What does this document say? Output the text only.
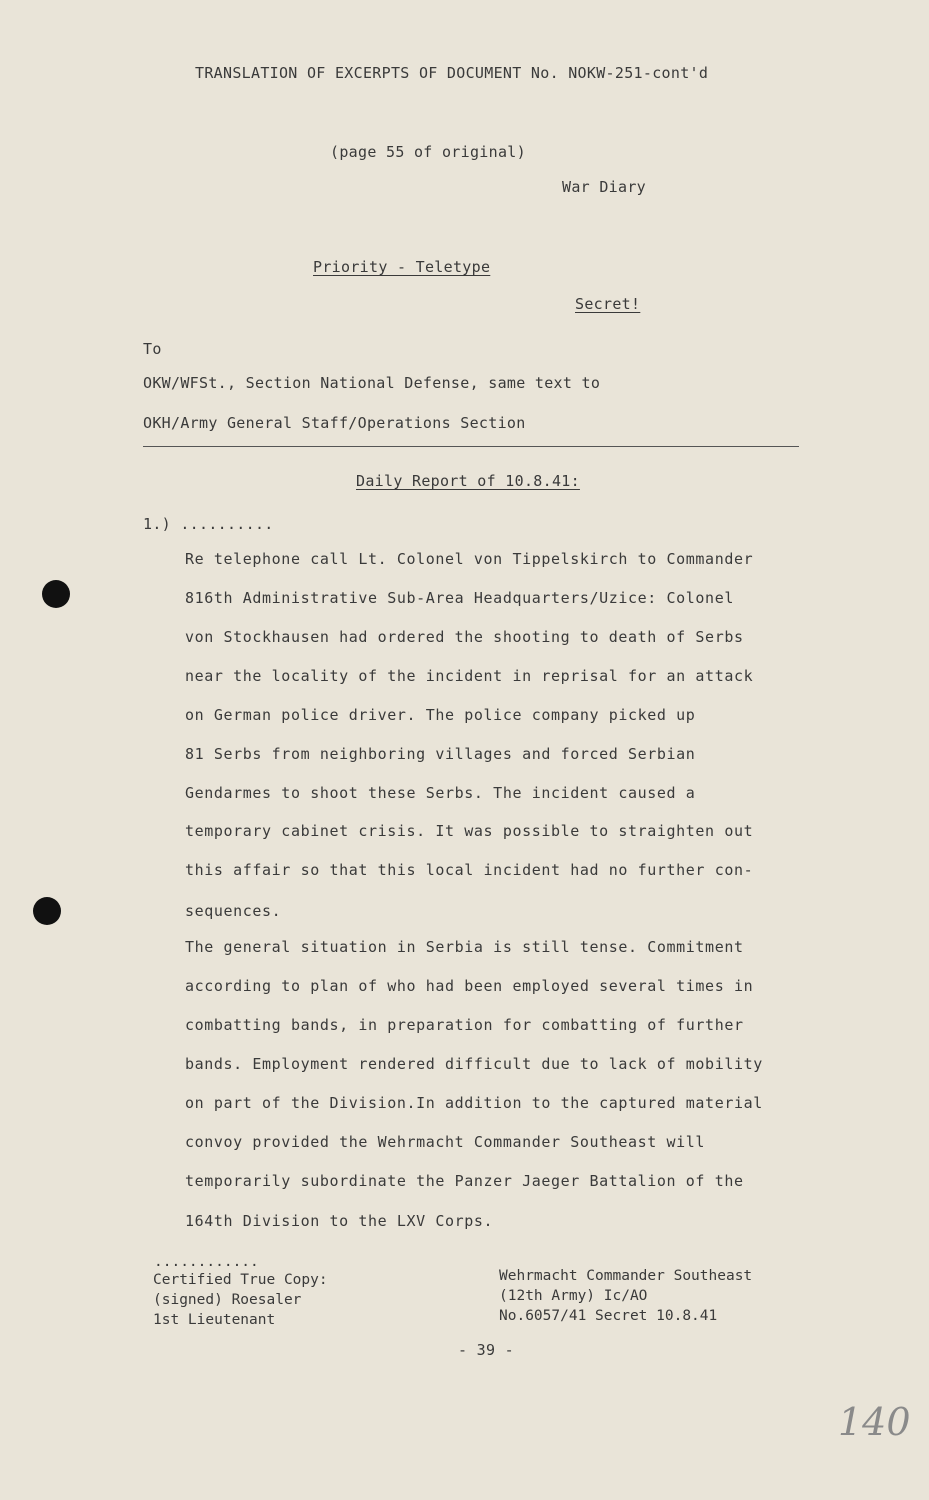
TRANSLATION OF EXCERPTS OF DOCUMENT No. NOKW-251-cont'd
(page 55 of original)
War Diary
Priority - Teletype
Secret!
To
OKW/WFSt., Section National Defense, same text to
OKH/Army General Staff/Operations Section
Daily Report of 10.8.41:
1.) ..........
Re telephone call Lt. Colonel von Tippelskirch to Commander
816th Administrative Sub-Area Headquarters/Uzice: Colonel
von Stockhausen had ordered the shooting to death of Serbs
near the locality of the incident in reprisal for an attack
on German police driver. The police company picked up
81 Serbs from neighboring villages and forced Serbian
Gendarmes to shoot these Serbs. The incident caused a
temporary cabinet crisis. It was possible to straighten out
this affair so that this local incident had no further con-
sequences.
The general situation in Serbia is still tense. Commitment
according to plan of who had been employed several times in
combatting bands, in preparation for combatting of further
bands. Employment rendered difficult due to lack of mobility
on part of the Division.In addition to the captured material
convoy provided the Wehrmacht Commander Southeast will
temporarily subordinate the Panzer Jaeger Battalion of the
164th Division to the LXV Corps.
............
Certified True Copy:
(signed) Roesaler
1st Lieutenant
Wehrmacht Commander Southeast
(12th Army) Ic/AO
No.6057/41 Secret 10.8.41
- 39 -
140
